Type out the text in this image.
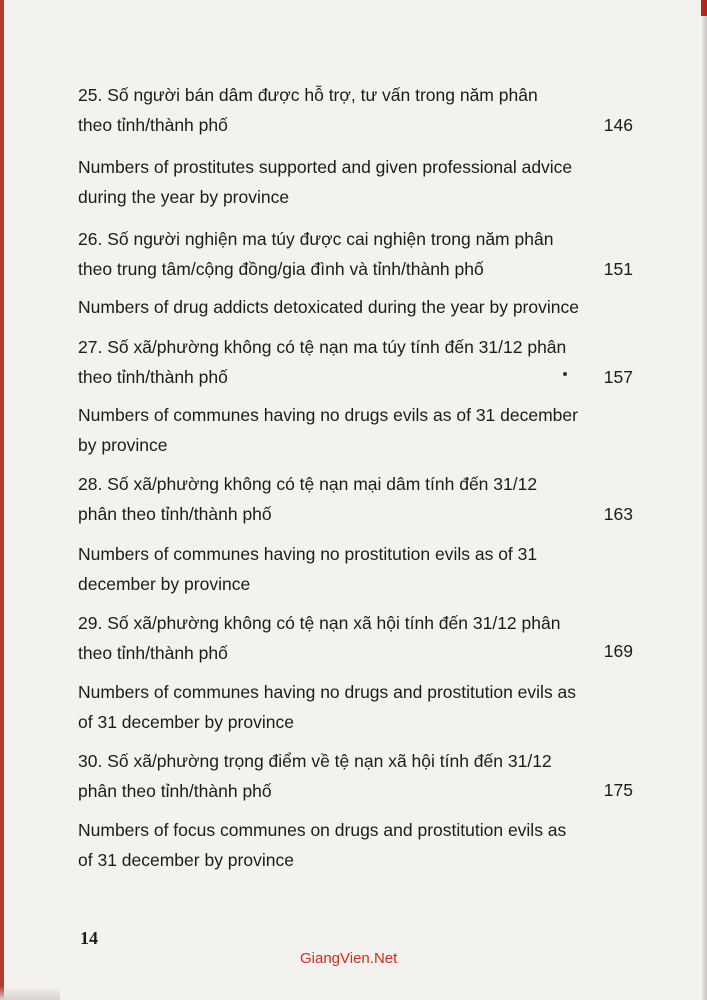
25. Số người bán dâm được hỗ trợ, tư vấn trong năm phân theo tỉnh/thành phố	146
Numbers of prostitutes supported and given professional advice during the year by province
26. Số người nghiện ma túy được cai nghiện trong năm phân theo trung tâm/cộng đồng/gia đình và tỉnh/thành phố	151
Numbers of drug addicts detoxicated during the year by province
27. Số xã/phường không có tệ nạn ma túy tính đến 31/12 phân theo tỉnh/thành phố	157
Numbers of communes having no drugs evils as of 31 december by province
28. Số xã/phường không có tệ nạn mại dâm tính đến 31/12 phân theo tỉnh/thành phố	163
Numbers of communes having no prostitution evils as of 31 december by province
29. Số xã/phường không có tệ nạn xã hội tính đến 31/12 phân theo tỉnh/thành phố	169
Numbers of communes having no drugs and prostitution evils as of 31 december by province
30. Số xã/phường trọng điểm về tệ nạn xã hội tính đến 31/12 phân theo tỉnh/thành phố	175
Numbers of focus communes on drugs and prostitution evils as of 31 december by province
14
GiangVien.Net
